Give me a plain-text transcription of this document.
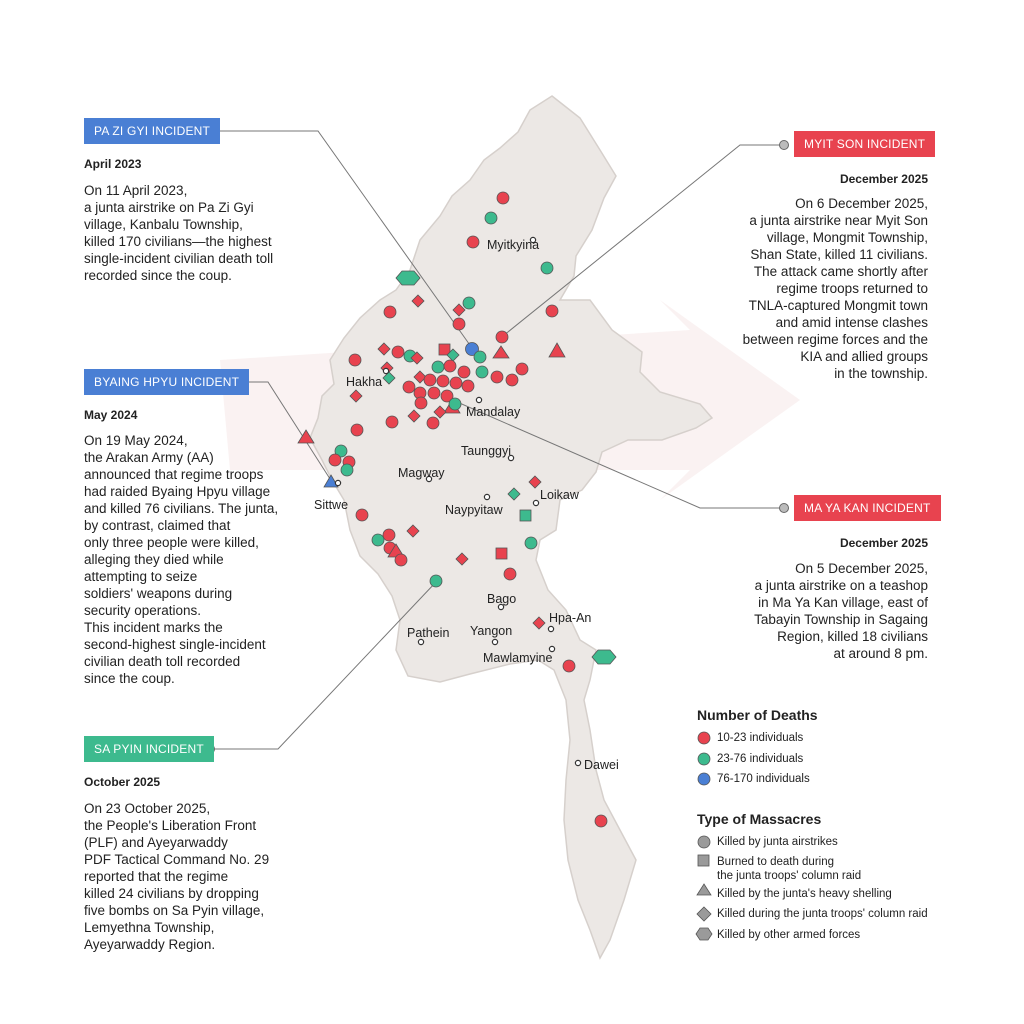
Myitkyina
Hakha
Mandalay
Taunggyi
Magway
Sittwe	Naypyitaw
Loikaw
Bago
Hpa-An
Pathein Yangon
Mawlamyine
Dawei
PA ZI GYI INCIDENT
April 2023
On 11 April 2023,
a junta airstrike on Pa Zi Gyi
village, Kanbalu Township,
killed 170 civilians—the highest
single-incident civilian death toll
recorded since the coup.
MYIT SON INCIDENT
December 2025
On 6 December 2025,
a junta airstrike near Myit Son
village, Mongmit Township,
Shan State, killed 11 civilians.
The attack came shortly after
regime troops returned to
TNLA-captured Mongmit town
and amid intense clashes
between regime forces and the
KIA and allied groups
in the township.
BYAING HPYU INCIDENT
May 2024
On 19 May 2024,
the Arakan Army (AA)
announced that regime troops
had raided Byaing Hpyu village
and killed 76 civilians. The junta,
by contrast, claimed that
only three people were killed,
alleging they died while
attempting to seize
soldiers' weapons during
security operations.
This incident marks the
second-highest single-incident
civilian death toll recorded
since the coup.
MA YA KAN INCIDENT
December 2025
On 5 December 2025,
a junta airstrike on a teashop
in Ma Ya Kan village, east of
Tabayin Township in Sagaing
Region, killed 18 civilians
at around 8 pm.
SA PYIN INCIDENT
October 2025
On 23 October 2025,
the People's Liberation Front
(PLF) and Ayeyarwaddy
PDF Tactical Command No. 29
reported that the regime
killed 24 civilians by dropping
five bombs on Sa Pyin village,
Lemyethna Township,
Ayeyarwaddy Region.
Number of Deaths
10-23 individuals
23-76 individuals
76-170 individuals
Type of Massacres
Killed by junta airstrikes
Burned to death during
the junta troops' column raid
Killed by the junta's heavy shelling
Killed during the junta troops' column raid
Killed by other armed forces
